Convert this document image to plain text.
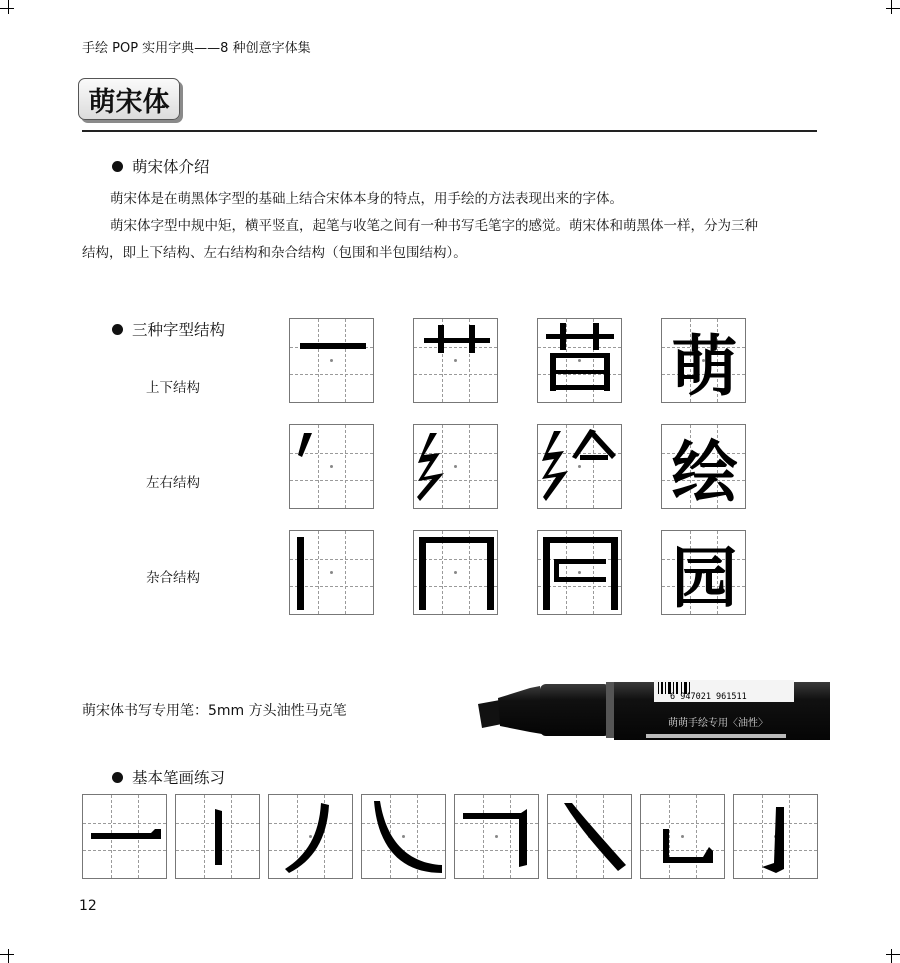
手绘 POP 实用字典——8 种创意字体集
萌宋体
萌宋体介绍
萌宋体是在萌黑体字型的基础上结合宋体本身的特点，用手绘的方法表现出来的字体。
萌宋体字型中规中矩，横平竖直，起笔与收笔之间有一种书写毛笔字的感觉。萌宋体和萌黑体一样，分为三种
结构，即上下结构、左右结构和杂合结构（包围和半包围结构）。
三种字型结构
上下结构
左右结构
杂合结构
萌
绘
园
萌宋体书写专用笔：5mm 方头油性马克笔
6 947021 961511
萌萌手绘专用〈油性〉
基本笔画练习
12
